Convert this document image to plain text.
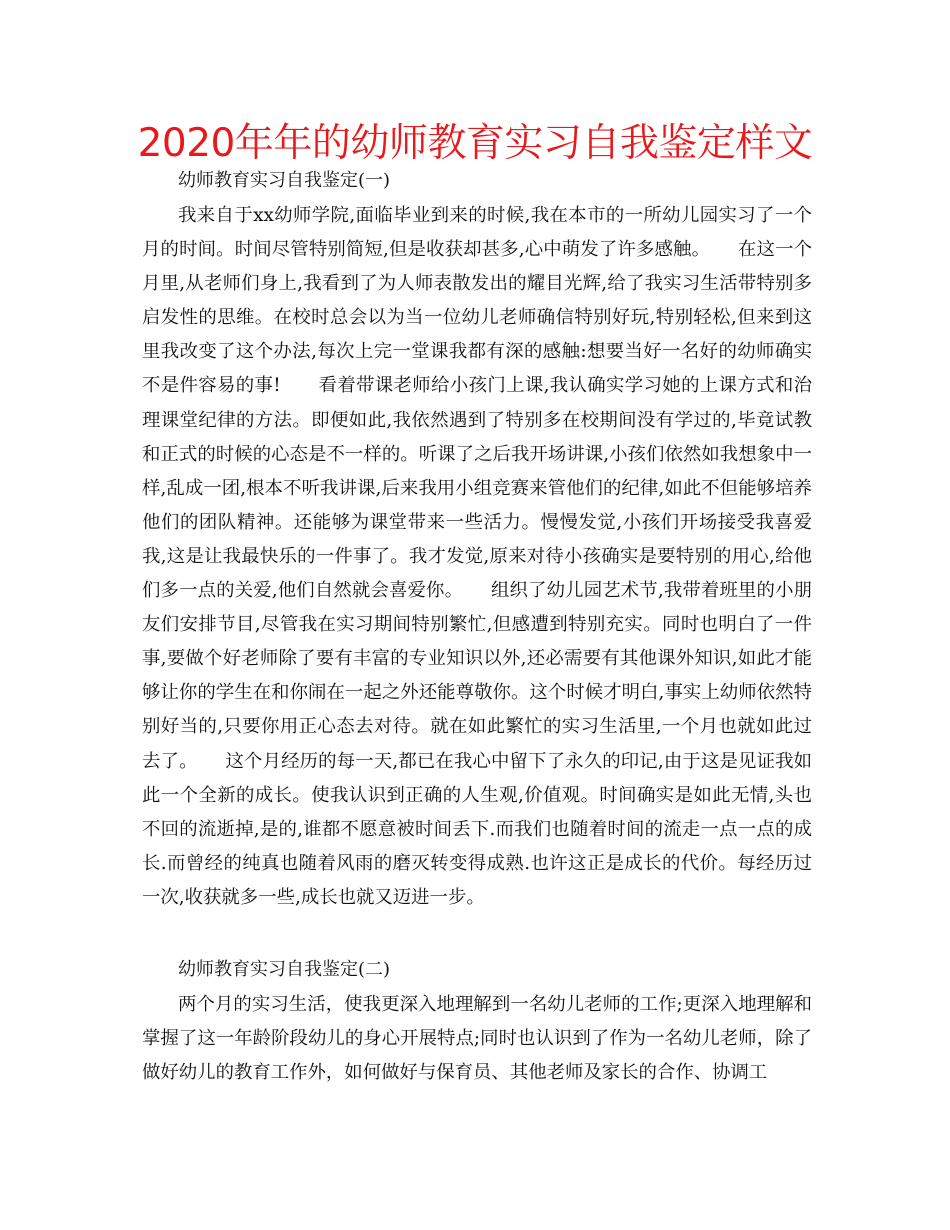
2020年年的幼师教育实习自我鉴定样文

幼师教育实习自我鉴定(一)

我来自于xx幼师学院,面临毕业到来的时候,我在本市的一所幼儿园实习了一个月的时间。时间尽管特别简短,但是收获却甚多,心中萌发了许多感触。　　在这一个月里,从老师们身上,我看到了为人师表散发出的耀目光辉,给了我实习生活带特别多启发性的思维。在校时总会以为当一位幼儿老师确信特别好玩,特别轻松,但来到这里我改变了这个办法,每次上完一堂课我都有深的感触:想要当好一名好的幼师确实不是件容易的事!　　看着带课老师给小孩门上课,我认确实学习她的上课方式和治理课堂纪律的方法。即便如此,我依然遇到了特别多在校期间没有学过的,毕竟试教和正式的时候的心态是不一样的。听课了之后我开场讲课,小孩们依然如我想象中一样,乱成一团,根本不听我讲课,后来我用小组竞赛来管他们的纪律,如此不但能够培养他们的团队精神。还能够为课堂带来一些活力。慢慢发觉,小孩们开场接受我喜爱我,这是让我最快乐的一件事了。我才发觉,原来对待小孩确实是要特别的用心,给他们多一点的关爱,他们自然就会喜爱你。　　组织了幼儿园艺术节,我带着班里的小朋友们安排节目,尽管我在实习期间特别繁忙,但感遭到特别充实。同时也明白了一件事,要做个好老师除了要有丰富的专业知识以外,还必需要有其他课外知识,如此才能够让你的学生在和你闹在一起之外还能尊敬你。这个时候才明白,事实上幼师依然特别好当的,只要你用正心态去对待。就在如此繁忙的实习生活里,一个月也就如此过去了。　　这个月经历的每一天,都已在我心中留下了永久的印记,由于这是见证我如此一个全新的成长。使我认识到正确的人生观,价值观。时间确实是如此无情,头也不回的流逝掉,是的,谁都不愿意被时间丢下.而我们也随着时间的流走一点一点的成长.而曾经的纯真也随着风雨的磨灭转变得成熟.也许这正是成长的代价。每经历过一次,收获就多一些,成长也就又迈进一步。

幼师教育实习自我鉴定(二)

两个月的实习生活，使我更深入地理解到一名幼儿老师的工作;更深入地理解和掌握了这一年龄阶段幼儿的身心开展特点;同时也认识到了作为一名幼儿老师，除了做好幼儿的教育工作外，如何做好与保育员、其他老师及家长的合作、协调工
